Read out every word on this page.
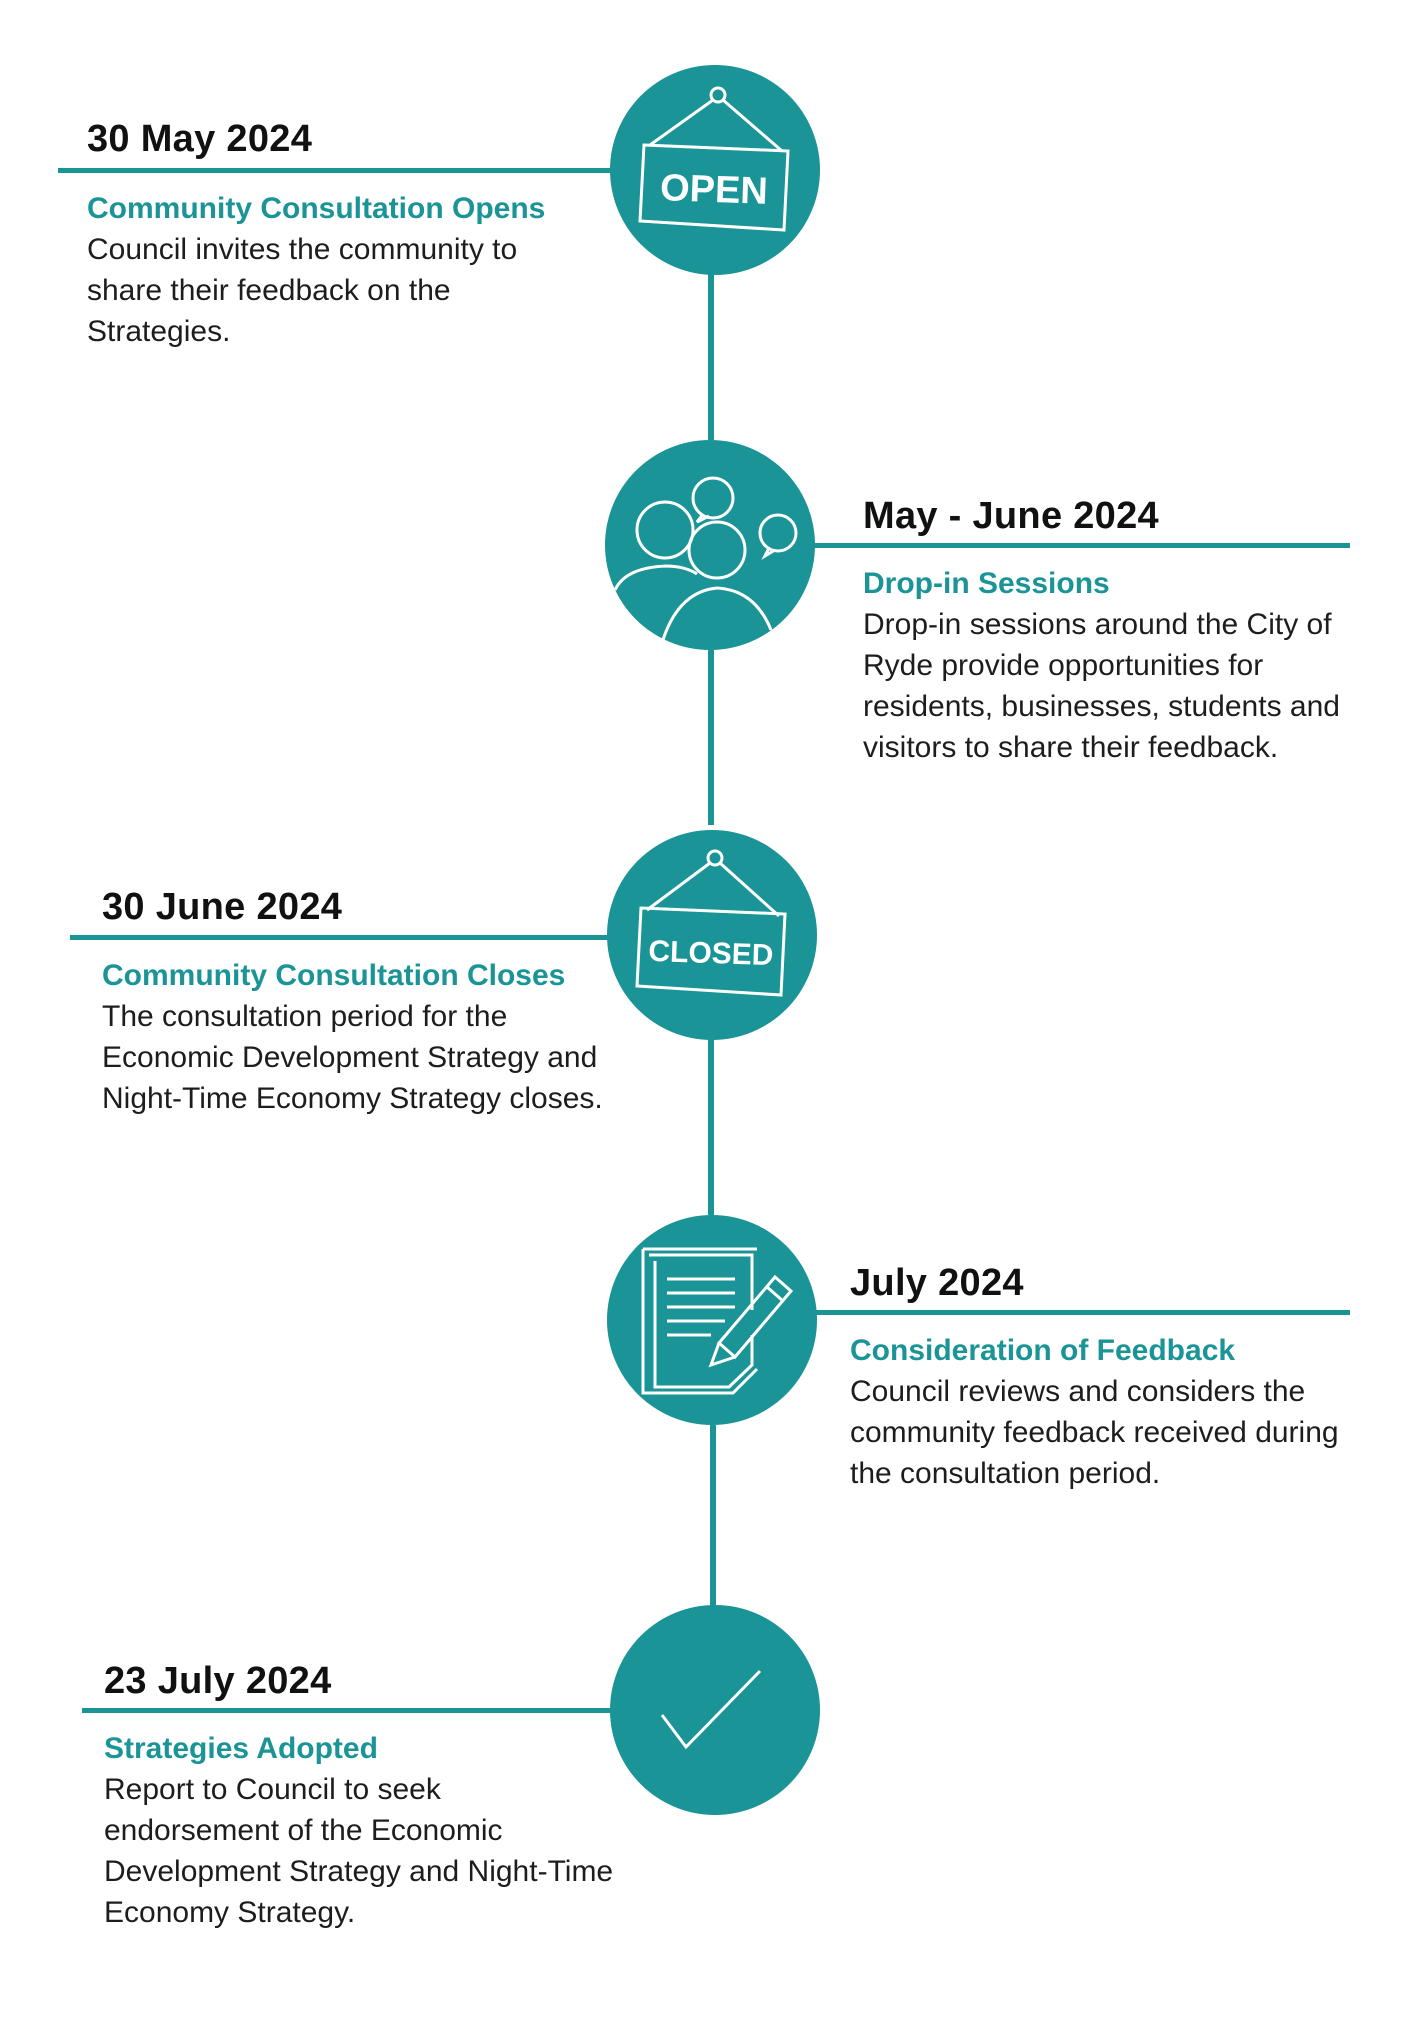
OPEN
30 May 2024
Community Consultation Opens

Council invites the community to share their feedback on the Strategies.

May - June 2024
Drop-in Sessions

Drop-in sessions around the City of Ryde provide opportunities for residents, businesses, students and visitors to share their feedback.

CLOSED
30 June 2024
Community Consultation Closes

The consultation period for the Economic Development Strategy and Night-Time Economy Strategy closes.

July 2024
Consideration of Feedback

Council reviews and considers the community feedback received during the consultation period.

23 July 2024
Strategies Adopted

Report to Council to seek endorsement of the Economic Development Strategy and Night-Time Economy Strategy.
